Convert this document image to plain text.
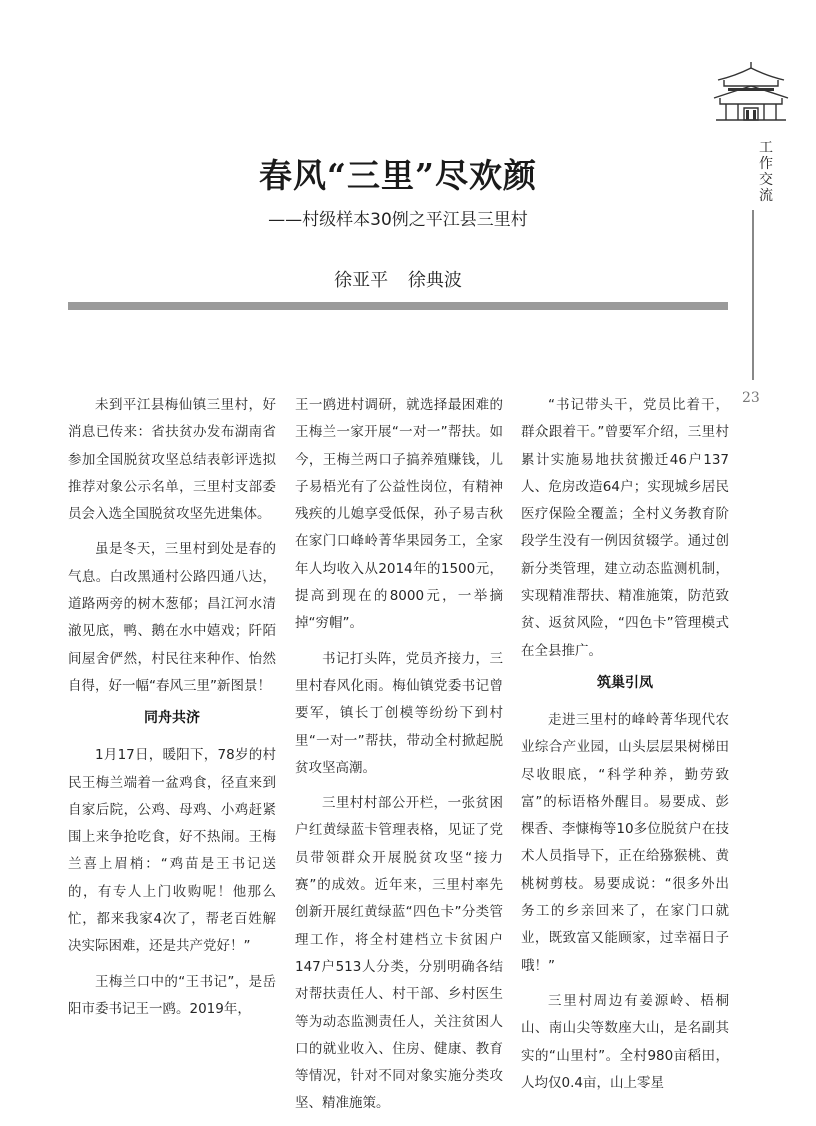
工作交流
23
春风“三里”尽欢颜
——村级样本30例之平江县三里村
徐亚平 徐典波

未到平江县梅仙镇三里村，好消息已传来：省扶贫办发布湖南省参加全国脱贫攻坚总结表彰评选拟推荐对象公示名单，三里村支部委员会入选全国脱贫攻坚先进集体。

虽是冬天，三里村到处是春的气息。白改黑通村公路四通八达，道路两旁的树木葱郁；昌江河水清澈见底，鸭、鹅在水中嬉戏；阡陌间屋舍俨然，村民往来种作、怡然自得，好一幅“春风三里”新图景！

同舟共济

1月17日，暖阳下，78岁的村民王梅兰端着一盆鸡食，径直来到自家后院，公鸡、母鸡、小鸡赶紧围上来争抢吃食，好不热闹。王梅兰喜上眉梢：“鸡苗是王书记送的，有专人上门收购呢！他那么忙，都来我家4次了，帮老百姓解决实际困难，还是共产党好！”

王梅兰口中的“王书记”，是岳阳市委书记王一鸥。2019年，

王一鸥进村调研，就选择最困难的王梅兰一家开展“一对一”帮扶。如今，王梅兰两口子搞养殖赚钱，儿子易梧光有了公益性岗位，有精神残疾的儿媳享受低保，孙子易吉秋在家门口峰岭菁华果园务工，全家年人均收入从2014年的1500元，提高到现在的8000元，一举摘掉“穷帽”。

书记打头阵，党员齐接力，三里村春风化雨。梅仙镇党委书记曾要军，镇长丁创模等纷纷下到村里“一对一”帮扶，带动全村掀起脱贫攻坚高潮。

三里村村部公开栏，一张贫困户红黄绿蓝卡管理表格，见证了党员带领群众开展脱贫攻坚“接力赛”的成效。近年来，三里村率先创新开展红黄绿蓝“四色卡”分类管理工作，将全村建档立卡贫困户147户513人分类，分别明确各结对帮扶责任人、村干部、乡村医生等为动态监测责任人，关注贫困人口的就业收入、住房、健康、教育等情况，针对不同对象实施分类攻坚、精准施策。

“书记带头干，党员比着干，群众跟着干。”曾要军介绍，三里村累计实施易地扶贫搬迁46户137人、危房改造64户；实现城乡居民医疗保险全覆盖；全村义务教育阶段学生没有一例因贫辍学。通过创新分类管理，建立动态监测机制，实现精准帮扶、精准施策，防范致贫、返贫风险，“四色卡”管理模式在全县推广。

筑巢引凤

走进三里村的峰岭菁华现代农业综合产业园，山头层层果树梯田尽收眼底，“科学种养，勤劳致富”的标语格外醒目。易要成、彭棵香、李慷梅等10多位脱贫户在技术人员指导下，正在给猕猴桃、黄桃树剪枝。易要成说：“很多外出务工的乡亲回来了，在家门口就业，既致富又能顾家，过幸福日子哦！”

三里村周边有姜源岭、梧桐山、南山尖等数座大山，是名副其实的“山里村”。全村980亩稻田，人均仅0.4亩，山上零星
